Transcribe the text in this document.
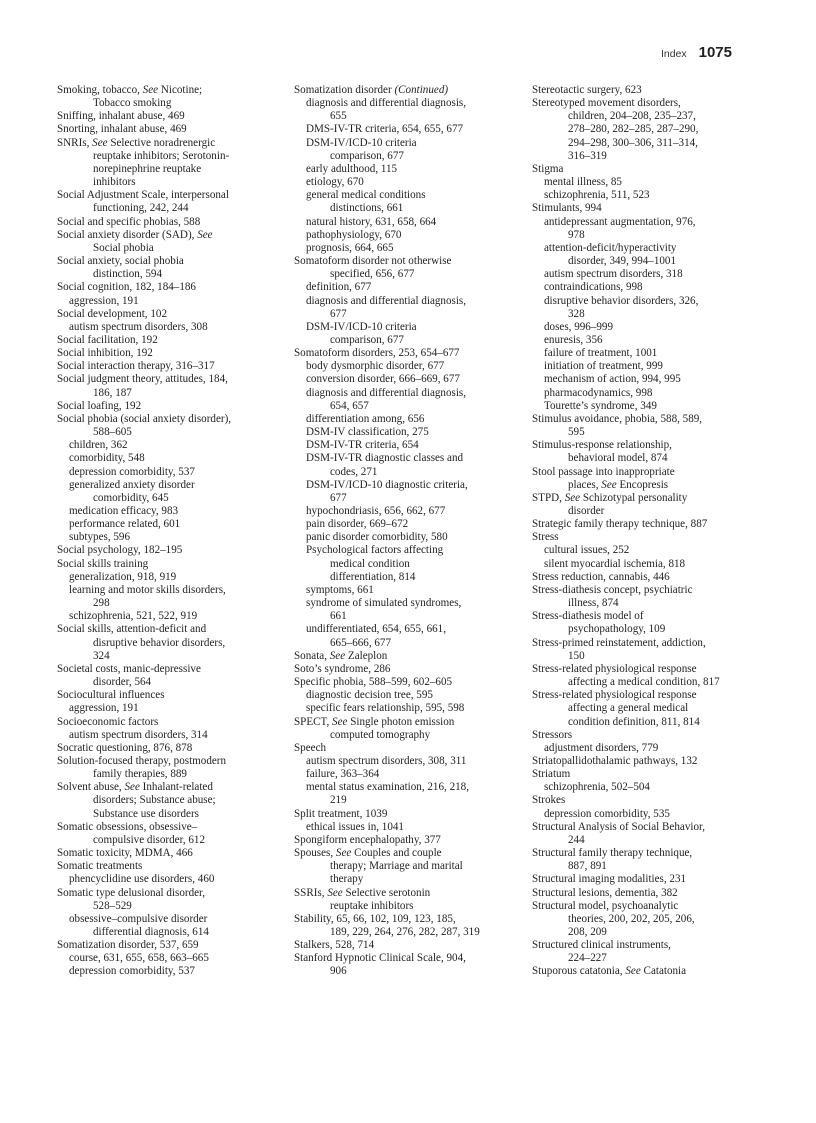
Index 1075

Smoking, tobacco, See Nicotine;
Tobacco smoking

Sniffing, inhalant abuse, 469

Snorting, inhalant abuse, 469

SNRIs, See Selective noradrenergic
reuptake inhibitors; Serotonin-
norepinephrine reuptake
inhibitors

Social Adjustment Scale, interpersonal
functioning, 242, 244

Social and specific phobias, 588

Social anxiety disorder (SAD), See
Social phobia

Social anxiety, social phobia
distinction, 594

Social cognition, 182, 184–186

aggression, 191

Social development, 102

autism spectrum disorders, 308

Social facilitation, 192

Social inhibition, 192

Social interaction therapy, 316–317

Social judgment theory, attitudes, 184,
186, 187

Social loafing, 192

Social phobia (social anxiety disorder),
588–605

children, 362

comorbidity, 548

depression comorbidity, 537

generalized anxiety disorder
comorbidity, 645

medication efficacy, 983

performance related, 601

subtypes, 596

Social psychology, 182–195

Social skills training

generalization, 918, 919

learning and motor skills disorders,
298

schizophrenia, 521, 522, 919

Social skills, attention-deficit and
disruptive behavior disorders,
324

Societal costs, manic-depressive
disorder, 564

Sociocultural influences

aggression, 191

Socioeconomic factors

autism spectrum disorders, 314

Socratic questioning, 876, 878

Solution-focused therapy, postmodern
family therapies, 889

Solvent abuse, See Inhalant-related
disorders; Substance abuse;
Substance use disorders

Somatic obsessions, obsessive–
compulsive disorder, 612

Somatic toxicity, MDMA, 466

Somatic treatments

phencyclidine use disorders, 460

Somatic type delusional disorder,
528–529

obsessive–compulsive disorder
differential diagnosis, 614

Somatization disorder, 537, 659

course, 631, 655, 658, 663–665

depression comorbidity, 537

Somatization disorder (Continued)

diagnosis and differential diagnosis,
655

DMS-IV-TR criteria, 654, 655, 677

DSM-IV/ICD-10 criteria
comparison, 677

early adulthood, 115

etiology, 670

general medical conditions
distinctions, 661

natural history, 631, 658, 664

pathophysiology, 670

prognosis, 664, 665

Somatoform disorder not otherwise
specified, 656, 677

definition, 677

diagnosis and differential diagnosis,
677

DSM-IV/ICD-10 criteria
comparison, 677

Somatoform disorders, 253, 654–677

body dysmorphic disorder, 677

conversion disorder, 666–669, 677

diagnosis and differential diagnosis,
654, 657

differentiation among, 656

DSM-IV classification, 275

DSM-IV-TR criteria, 654

DSM-IV-TR diagnostic classes and
codes, 271

DSM-IV/ICD-10 diagnostic criteria,
677

hypochondriasis, 656, 662, 677

pain disorder, 669–672

panic disorder comorbidity, 580

Psychological factors affecting
medical condition
differentiation, 814

symptoms, 661

syndrome of simulated syndromes,
661

undifferentiated, 654, 655, 661,
665–666, 677

Sonata, See Zaleplon

Soto’s syndrome, 286

Specific phobia, 588–599, 602–605

diagnostic decision tree, 595

specific fears relationship, 595, 598

SPECT, See Single photon emission
computed tomography

Speech

autism spectrum disorders, 308, 311

failure, 363–364

mental status examination, 216, 218,
219

Split treatment, 1039

ethical issues in, 1041

Spongiform encephalopathy, 377

Spouses, See Couples and couple
therapy; Marriage and marital
therapy

SSRIs, See Selective serotonin
reuptake inhibitors

Stability, 65, 66, 102, 109, 123, 185,
189, 229, 264, 276, 282, 287, 319

Stalkers, 528, 714

Stanford Hypnotic Clinical Scale, 904,
906

Stereotactic surgery, 623

Stereotyped movement disorders,
children, 204–208, 235–237,
278–280, 282–285, 287–290,
294–298, 300–306, 311–314,
316–319

Stigma

mental illness, 85

schizophrenia, 511, 523

Stimulants, 994

antidepressant augmentation, 976,
978

attention-deficit/hyperactivity
disorder, 349, 994–1001

autism spectrum disorders, 318

contraindications, 998

disruptive behavior disorders, 326,
328

doses, 996–999

enuresis, 356

failure of treatment, 1001

initiation of treatment, 999

mechanism of action, 994, 995

pharmacodynamics, 998

Tourette’s syndrome, 349

Stimulus avoidance, phobia, 588, 589,
595

Stimulus-response relationship,
behavioral model, 874

Stool passage into inappropriate
places, See Encopresis

STPD, See Schizotypal personality
disorder

Strategic family therapy technique, 887

Stress

cultural issues, 252

silent myocardial ischemia, 818

Stress reduction, cannabis, 446

Stress-diathesis concept, psychiatric
illness, 874

Stress-diathesis model of
psychopathology, 109

Stress-primed reinstatement, addiction,
150

Stress-related physiological response
affecting a medical condition, 817

Stress-related physiological response
affecting a general medical
condition definition, 811, 814

Stressors

adjustment disorders, 779

Striatopallidothalamic pathways, 132

Striatum

schizophrenia, 502–504

Strokes

depression comorbidity, 535

Structural Analysis of Social Behavior,
244

Structural family therapy technique,
887, 891

Structural imaging modalities, 231

Structural lesions, dementia, 382

Structural model, psychoanalytic
theories, 200, 202, 205, 206,
208, 209

Structured clinical instruments,
224–227

Stuporous catatonia, See Catatonia
